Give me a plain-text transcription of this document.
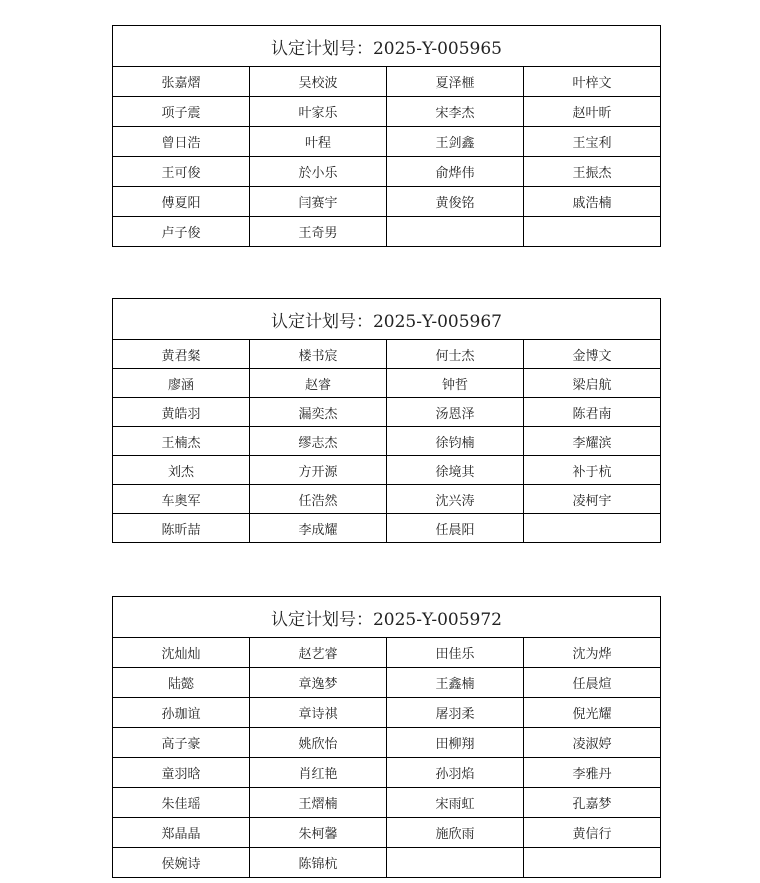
认定计划号：2025-Y-005965			
张嘉熠	吴校波	夏泽榧	叶梓文
项子震	叶家乐	宋李杰	赵叶昕
曾日浩	叶程	王剑鑫	王宝利
王可俊	於小乐	俞烨伟	王振杰
傅夏阳	闫赛宇	黄俊铭	戚浩楠
卢子俊	王奇男		
认定计划号：2025-Y-005967			
黄君粲	楼书宸	何士杰	金博文
廖涵	赵睿	钟哲	梁启航
黄皓羽	漏奕杰	汤恩泽	陈君南
王楠杰	缪志杰	徐钧楠	李耀滨
刘杰	方开源	徐境其	补于杭
车奥军	任浩然	沈兴涛	凌柯宇
陈昕喆	李成耀	任晨阳	
认定计划号：2025-Y-005972			
沈灿灿	赵艺睿	田佳乐	沈为烨
陆懿	章逸梦	王鑫楠	任晨煊
孙珈谊	章诗祺	屠羽柔	倪光耀
高子豪	姚欣怡	田柳翔	凌淑婷
童羽晗	肖红艳	孙羽焰	李雅丹
朱佳瑶	王熠楠	宋雨虹	孔嘉梦
郑晶晶	朱柯馨	施欣雨	黄信行
侯婉诗	陈锦杭		
